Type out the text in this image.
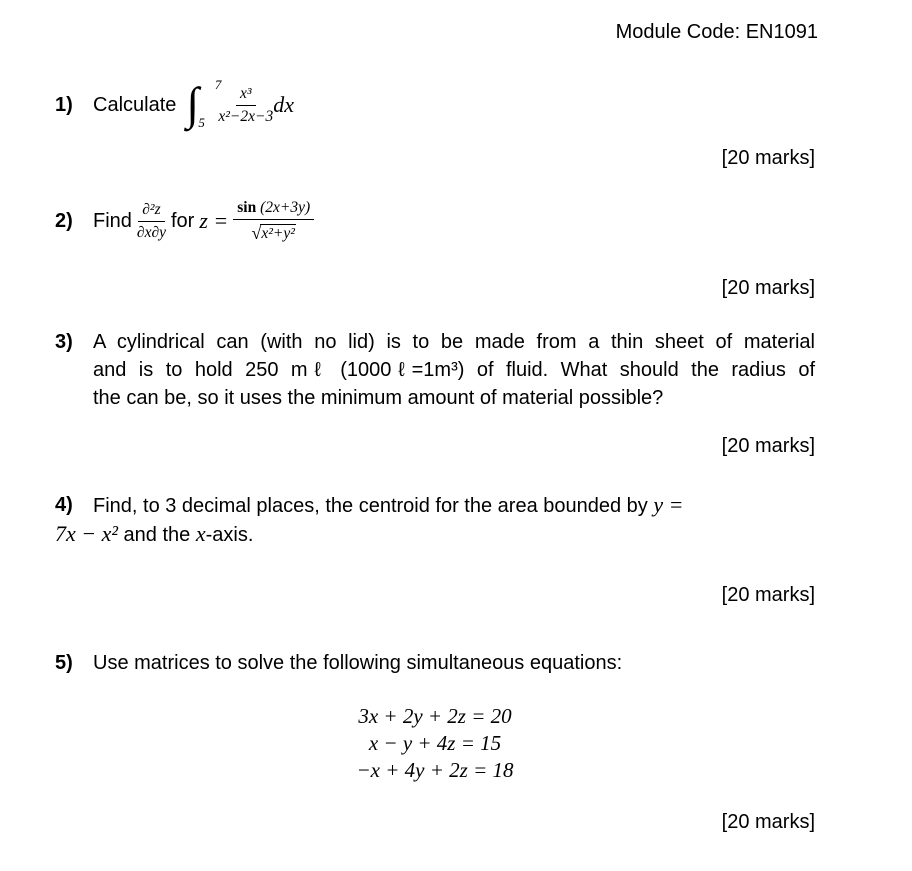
Module Code: EN1091
1)	Calculate ∫ 7
$5 \frac{\text{x³}}{\text{x²−2x−3}}$ dx
[20 marks]
2)	Find $\frac{\text{∂²z}}{\partial x\partial y}$ for $z = \frac{\sin (2x+3y)}{\text{√x²+y²}}$
[20 marks]
3) A cylindrical can (with no lid) is to be made from a thin sheet of material
and is to hold 250 mℓ (1000ℓ=1m³) of fluid. What should the radius of
the can be, so it uses the minimum amount of material possible?
[20 marks]
4)	Find, to 3 decimal places, the centroid for the area bounded by y =
7x − x² and the x-axis.
[20 marks]
5)	Use matrices to solve the following simultaneous equations:
3x + 2y + 2z = 20
x − y + 4z = 15
−x + 4y + 2z = 18
[20 marks]
